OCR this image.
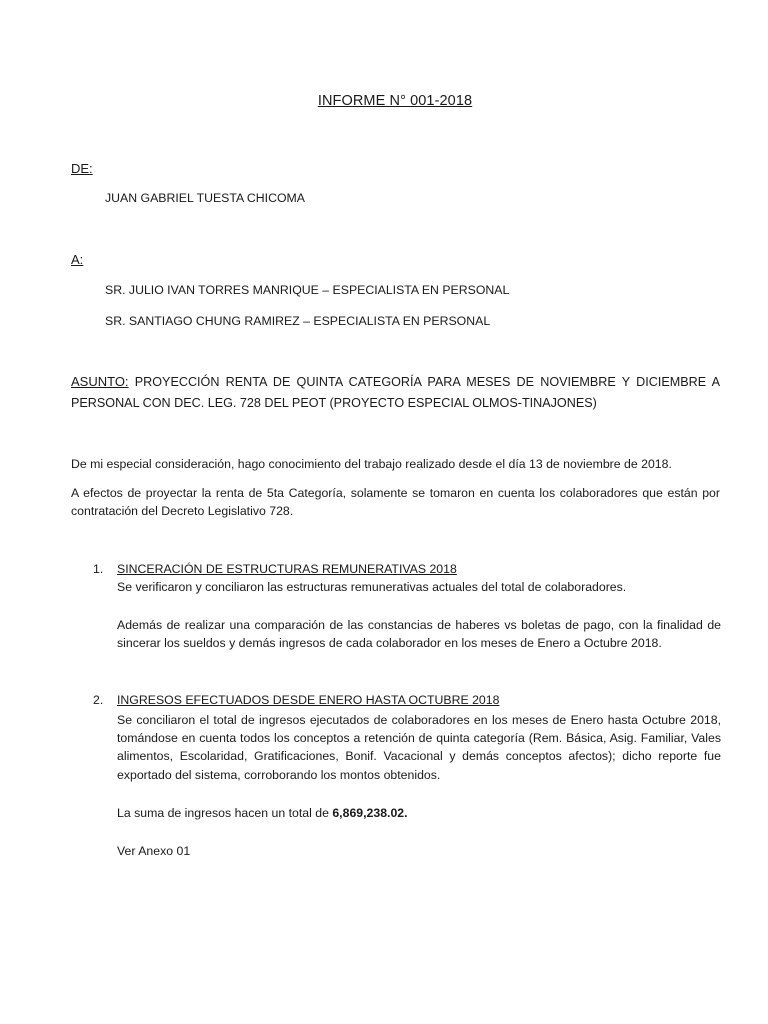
INFORME N° 001-2018
DE:
JUAN GABRIEL TUESTA CHICOMA
A:
SR. JULIO IVAN TORRES MANRIQUE – ESPECIALISTA EN PERSONAL
SR. SANTIAGO CHUNG RAMIREZ – ESPECIALISTA EN PERSONAL
ASUNTO: PROYECCIÓN RENTA DE QUINTA CATEGORÍA PARA MESES DE NOVIEMBRE Y DICIEMBRE A
PERSONAL CON DEC. LEG. 728 DEL PEOT (PROYECTO ESPECIAL OLMOS-TINAJONES)
De mi especial consideración, hago conocimiento del trabajo realizado desde el día 13 de noviembre de 2018.
A efectos de proyectar la renta de 5ta Categoría, solamente se tomaron en cuenta los colaboradores que están por
contratación del Decreto Legislativo 728.
1.	SINCERACIÓN DE ESTRUCTURAS REMUNERATIVAS 2018
Se verificaron y conciliaron las estructuras remunerativas actuales del total de colaboradores.
Además de realizar una comparación de las constancias de haberes vs boletas de pago, con la finalidad de
sincerar los sueldos y demás ingresos de cada colaborador en los meses de Enero a Octubre 2018.
2.	INGRESOS EFECTUADOS DESDE ENERO HASTA OCTUBRE 2018
Se conciliaron el total de ingresos ejecutados de colaboradores en los meses de Enero hasta Octubre 2018,
tomándose en cuenta todos los conceptos a retención de quinta categoría (Rem. Básica, Asig. Familiar, Vales
alimentos, Escolaridad, Gratificaciones, Bonif. Vacacional y demás conceptos afectos); dicho reporte fue
exportado del sistema, corroborando los montos obtenidos.
La suma de ingresos hacen un total de 6,869,238.02.
Ver Anexo 01
